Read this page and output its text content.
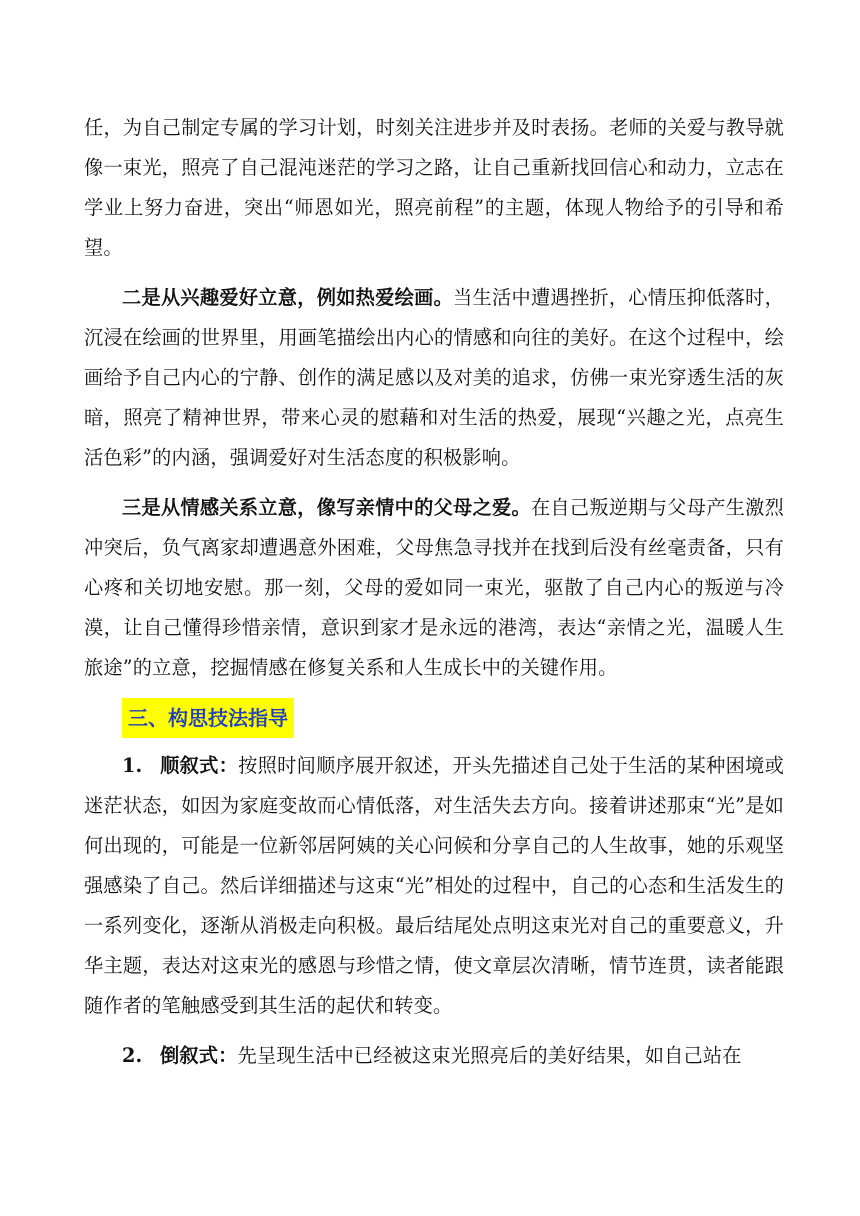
任，为自己制定专属的学习计划，时刻关注进步并及时表扬。老师的关爱与教导就像一束光，照亮了自己混沌迷茫的学习之路，让自己重新找回信心和动力，立志在学业上努力奋进，突出“师恩如光，照亮前程”的主题，体现人物给予的引导和希望。

二是从兴趣爱好立意，例如热爱绘画。当生活中遭遇挫折，心情压抑低落时，沉浸在绘画的世界里，用画笔描绘出内心的情感和向往的美好。在这个过程中，绘画给予自己内心的宁静、创作的满足感以及对美的追求，仿佛一束光穿透生活的灰暗，照亮了精神世界，带来心灵的慰藉和对生活的热爱，展现“兴趣之光，点亮生活色彩”的内涵，强调爱好对生活态度的积极影响。

三是从情感关系立意，像写亲情中的父母之爱。在自己叛逆期与父母产生激烈冲突后，负气离家却遭遇意外困难，父母焦急寻找并在找到后没有丝毫责备，只有心疼和关切地安慰。那一刻，父母的爱如同一束光，驱散了自己内心的叛逆与冷漠，让自己懂得珍惜亲情，意识到家才是永远的港湾，表达“亲情之光，温暖人生旅途”的立意，挖掘情感在修复关系和人生成长中的关键作用。

三、构思技法指导

1. 顺叙式：按照时间顺序展开叙述，开头先描述自己处于生活的某种困境或迷茫状态，如因为家庭变故而心情低落，对生活失去方向。接着讲述那束“光”是如何出现的，可能是一位新邻居阿姨的关心问候和分享自己的人生故事，她的乐观坚强感染了自己。然后详细描述与这束“光”相处的过程中，自己的心态和生活发生的一系列变化，逐渐从消极走向积极。最后结尾处点明这束光对自己的重要意义，升华主题，表达对这束光的感恩与珍惜之情，使文章层次清晰，情节连贯，读者能跟随作者的笔触感受到其生活的起伏和转变。

2. 倒叙式：先呈现生活中已经被这束光照亮后的美好结果，如自己站在
